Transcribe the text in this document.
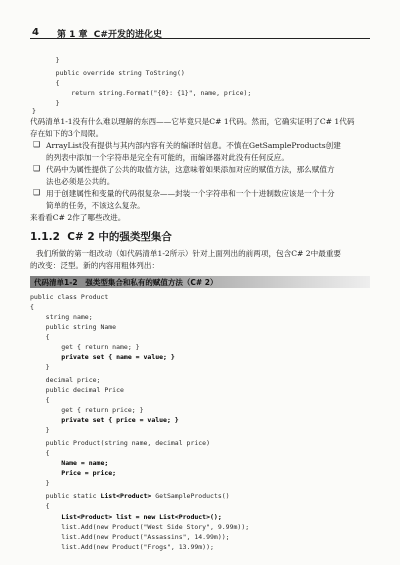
4 第 1 章  C#开发的进化史
}
public override string ToString()
{
return string.Format("{0}: {1}", name, price);
}
}
代码清单1-1没有什么难以理解的东西——它毕竟只是C# 1代码。然而，它确实证明了C# 1代码
存在如下的3个局限。
❑ ArrayList没有提供与其内部内容有关的编译时信息。不慎在GetSampleProducts创建
的列表中添加一个字符串是完全有可能的，而编译器对此没有任何反应。
❑ 代码中为属性提供了公共的取值方法，这意味着如果添加对应的赋值方法，那么赋值方
法也必须是公共的。
❑ 用于创建属性和变量的代码很复杂——封装一个字符串和一个十进制数应该是一个十分
简单的任务，不该这么复杂。
来看看C# 2作了哪些改进。
1.1.2 C# 2 中的强类型集合
我们所做的第一组改动（如代码清单1-2所示）针对上面列出的前两项，包含C# 2中最重要
的改变：泛型。新的内容用粗体列出：
代码清单1-2 强类型集合和私有的赋值方法（C# 2）
public class Product
{
string name;
public string Name
{
get { return name; }
private set { name = value; }
}
decimal price;
public decimal Price
{
get { return price; }
private set { price = value; }
}
public Product(string name, decimal price)
{
Name = name;
Price = price;
}
public static List<Product> GetSampleProducts()
{
List<Product> list = new List<Product>();
list.Add(new Product("West Side Story", 9.99m));
list.Add(new Product("Assassins", 14.99m));
list.Add(new Product("Frogs", 13.99m));
